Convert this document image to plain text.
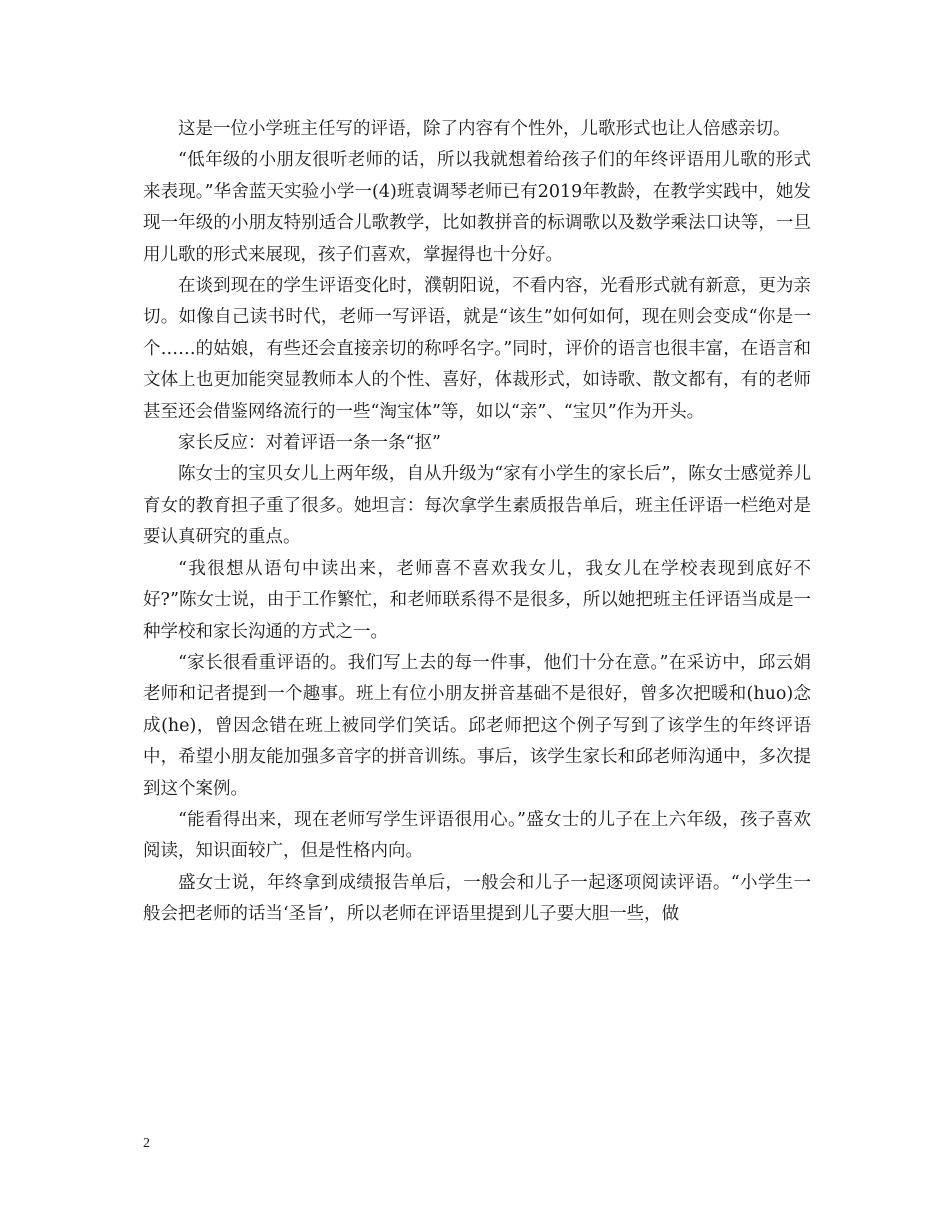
这是一位小学班主任写的评语，除了内容有个性外，儿歌形式也让人倍感亲切。

“低年级的小朋友很听老师的话，所以我就想着给孩子们的年终评语用儿歌的形式来表现。”华舍蓝天实验小学一(4)班袁调琴老师已有2019年教龄，在教学实践中，她发现一年级的小朋友特别适合儿歌教学，比如教拼音的标调歌以及数学乘法口诀等，一旦用儿歌的形式来展现，孩子们喜欢，掌握得也十分好。

在谈到现在的学生评语变化时，濮朝阳说，不看内容，光看形式就有新意，更为亲切。如像自己读书时代，老师一写评语，就是“该生”如何如何，现在则会变成“你是一个……的姑娘，有些还会直接亲切的称呼名字。”同时，评价的语言也很丰富，在语言和文体上也更加能突显教师本人的个性、喜好，体裁形式，如诗歌、散文都有，有的老师甚至还会借鉴网络流行的一些“淘宝体”等，如以“亲”、“宝贝”作为开头。

家长反应：对着评语一条一条“抠”

陈女士的宝贝女儿上两年级，自从升级为“家有小学生的家长后”，陈女士感觉养儿育女的教育担子重了很多。她坦言：每次拿学生素质报告单后，班主任评语一栏绝对是要认真研究的重点。

“我很想从语句中读出来，老师喜不喜欢我女儿，我女儿在学校表现到底好不好?”陈女士说，由于工作繁忙，和老师联系得不是很多，所以她把班主任评语当成是一种学校和家长沟通的方式之一。

“家长很看重评语的。我们写上去的每一件事，他们十分在意。”在采访中，邱云娟老师和记者提到一个趣事。班上有位小朋友拼音基础不是很好，曾多次把暖和(huo)念成(he)，曾因念错在班上被同学们笑话。邱老师把这个例子写到了该学生的年终评语中，希望小朋友能加强多音字的拼音训练。事后，该学生家长和邱老师沟通中，多次提到这个案例。

“能看得出来，现在老师写学生评语很用心。”盛女士的儿子在上六年级，孩子喜欢阅读，知识面较广，但是性格内向。

盛女士说，年终拿到成绩报告单后，一般会和儿子一起逐项阅读评语。“小学生一般会把老师的话当‘圣旨’，所以老师在评语里提到儿子要大胆一些，做

2
